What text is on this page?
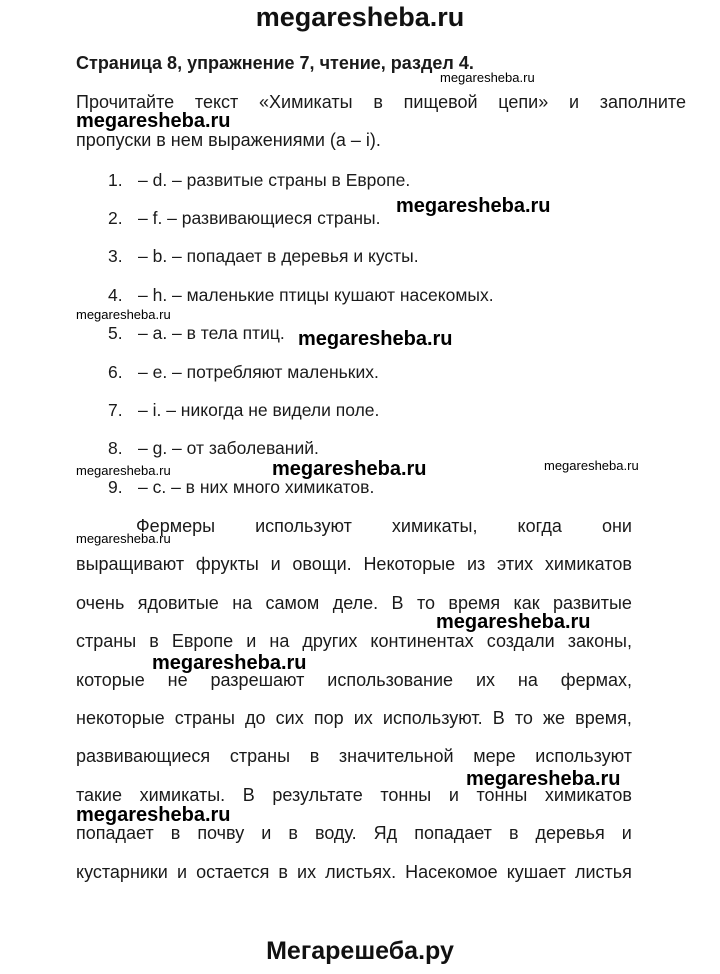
megaresheba.ru
Страница 8, упражнение 7, чтение, раздел 4.
Прочитайте текст «Химикаты в пищевой цепи» и заполните
пропуски в нем выражениями (a – i).
1. – d. – развитые страны в Европе.
2. – f. – развивающиеся страны.
3. – b. – попадает в деревья и кусты.
4. – h. – маленькие птицы кушают насекомых.
5. – a. – в тела птиц.
6. – e. – потребляют маленьких.
7. – i. – никогда не видели поле.
8. – g. – от заболеваний.
9. – c. – в них много химикатов.
Фермеры используют химикаты, когда они
выращивают фрукты и овощи. Некоторые из этих химикатов
очень ядовитые на самом деле. В то время как развитые
страны в Европе и на других континентах создали законы,
которые не разрешают использование их на фермах,
некоторые страны до сих пор их используют. В то же время,
развивающиеся страны в значительной мере используют
такие химикаты. В результате тонны и тонны химикатов
попадает в почву и в воду. Яд попадает в деревья и
кустарники и остается в их листьях. Насекомое кушает листья
megaresheba.ru
megaresheba.ru
megaresheba.ru
megaresheba.ru
megaresheba.ru
megaresheba.ru	megaresheba.ru	megaresheba.ru
megaresheba.ru
megaresheba.ru
megaresheba.ru
megaresheba.ru
megaresheba.ru
Мегарешеба.ру
